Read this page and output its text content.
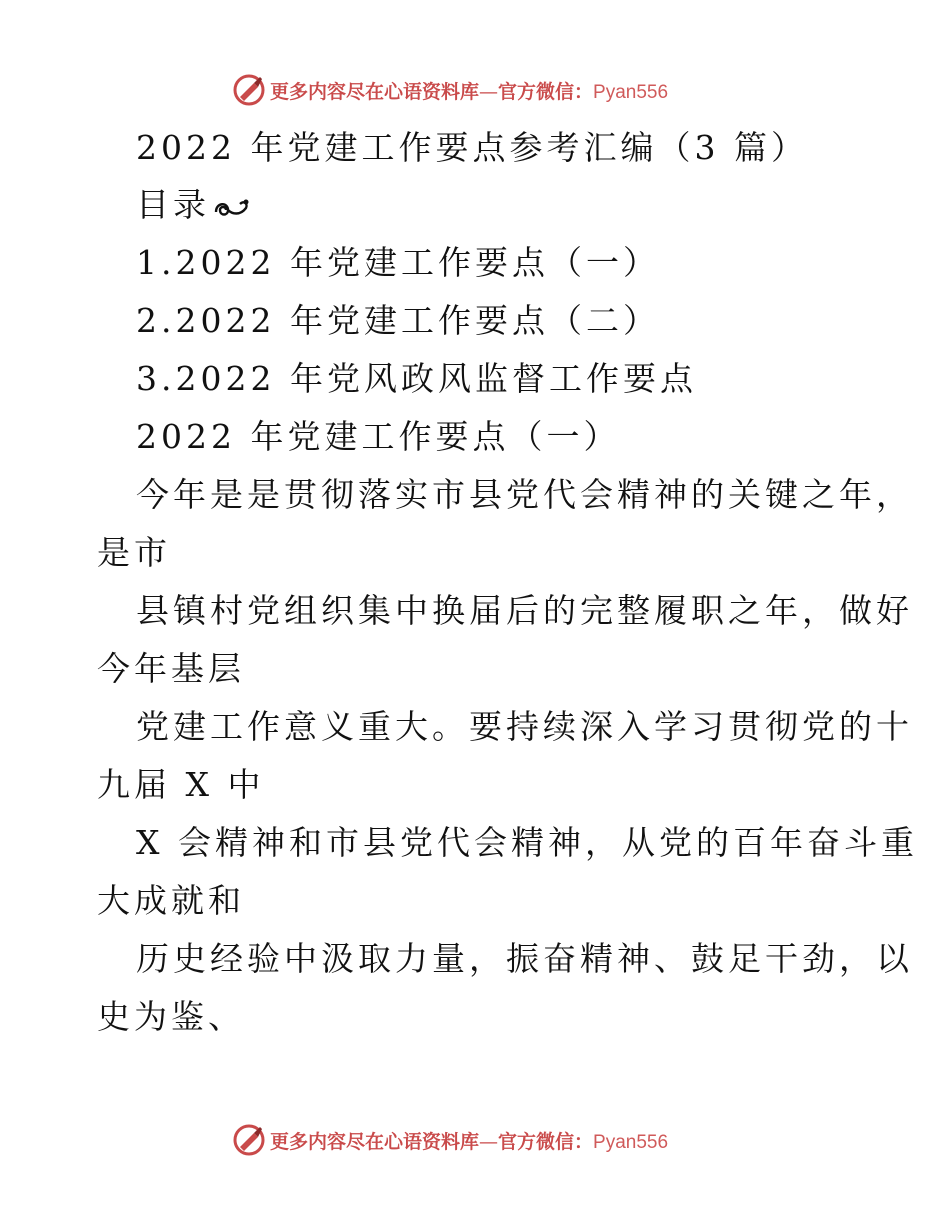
更多内容尽在心语资料库—官方微信：Pyan556
2022 年党建工作要点参考汇编（3 篇）
目录
1.2022 年党建工作要点（一）
2.2022 年党建工作要点（二）
3.2022 年党风政风监督工作要点
2022 年党建工作要点（一）
今年是是贯彻落实市县党代会精神的关键之年，
是市
县镇村党组织集中换届后的完整履职之年，做好
今年基层
党建工作意义重大。要持续深入学习贯彻党的十
九届 X 中
X 会精神和市县党代会精神，从党的百年奋斗重
大成就和
历史经验中汲取力量，振奋精神、鼓足干劲，以
史为鉴、
更多内容尽在心语资料库—官方微信：Pyan556
